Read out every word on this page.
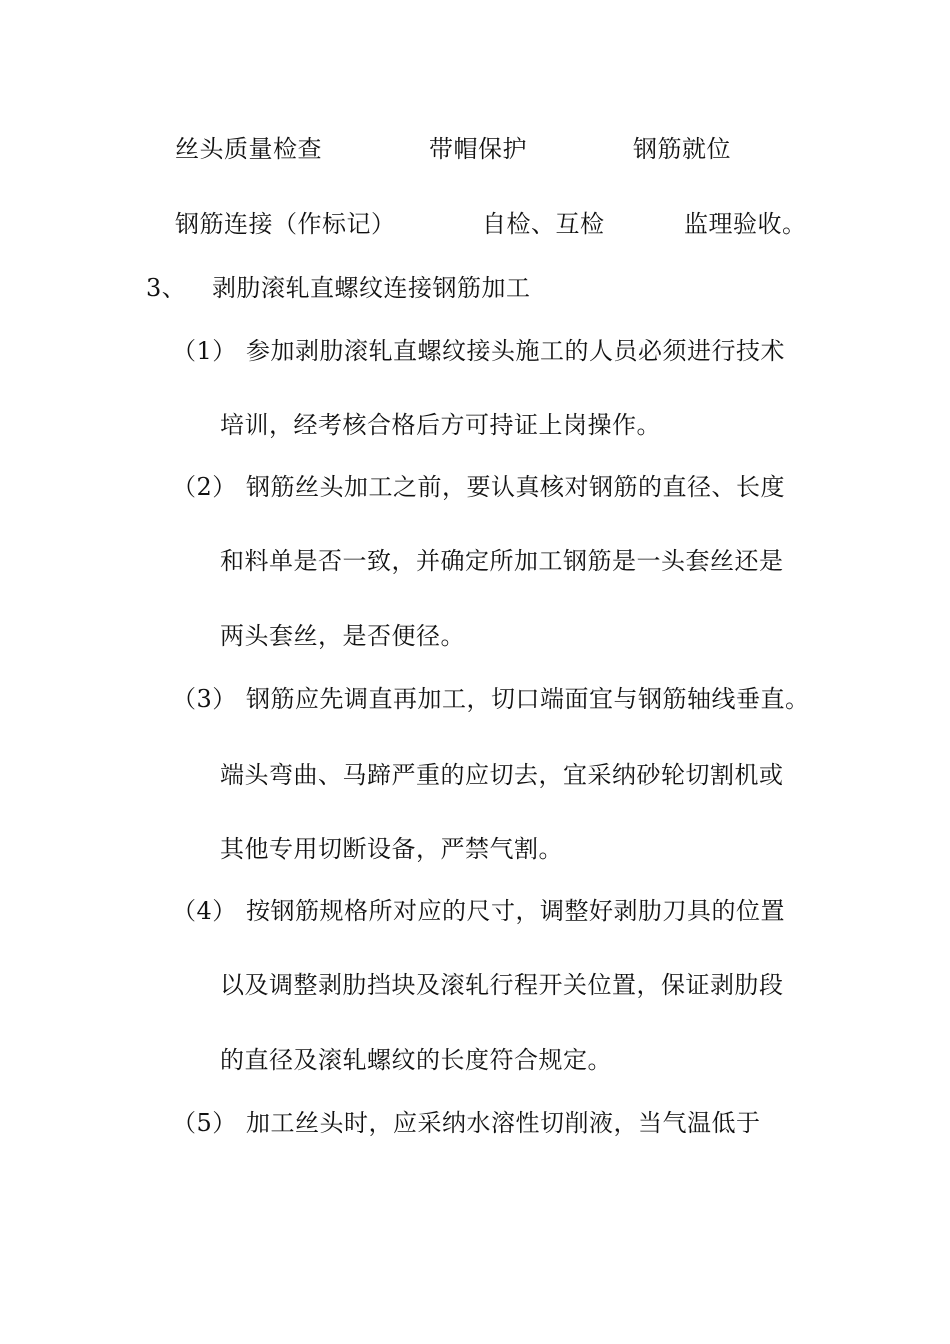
丝头质量检查	带帽保护	钢筋就位
钢筋连接（作标记）	自检、互检	监理验收。
3、 剥肋滚轧直螺纹连接钢筋加工
（1） 参加剥肋滚轧直螺纹接头施工的人员必须进行技术
培训，经考核合格后方可持证上岗操作。
（2） 钢筋丝头加工之前，要认真核对钢筋的直径、长度
和料单是否一致，并确定所加工钢筋是一头套丝还是
两头套丝，是否便径。
（3） 钢筋应先调直再加工，切口端面宜与钢筋轴线垂直。
端头弯曲、马蹄严重的应切去，宜采纳砂轮切割机或
其他专用切断设备，严禁气割。
（4） 按钢筋规格所对应的尺寸，调整好剥肋刀具的位置
以及调整剥肋挡块及滚轧行程开关位置，保证剥肋段
的直径及滚轧螺纹的长度符合规定。
（5） 加工丝头时，应采纳水溶性切削液，当气温低于
